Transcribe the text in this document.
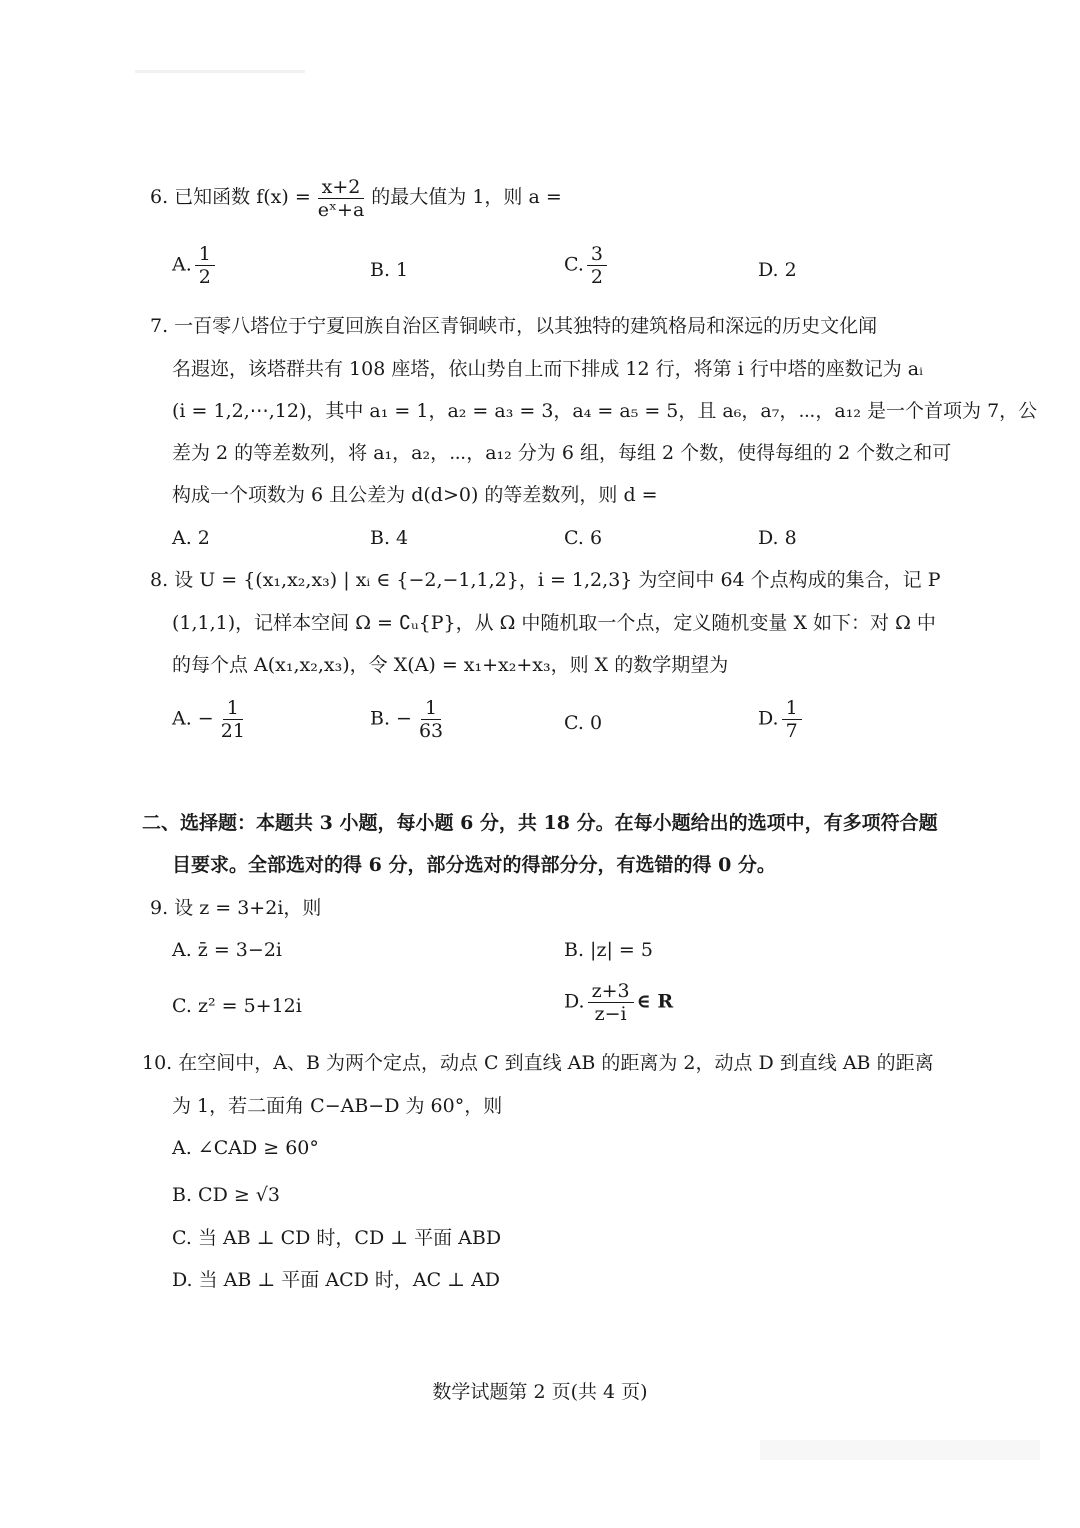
6. 已知函数 $f(x) = \frac{x+2}{\text{eˣ+a}}$ 的最大值为 1，则 a =
A. $\frac{1}{2}$	B. 1	C. $\frac{3}{2}$	D. 2
7. 一百零八塔位于宁夏回族自治区青铜峡市，以其独特的建筑格局和深远的历史文化闻
名遐迩，该塔群共有 108 座塔，依山势自上而下排成 12 行，将第 i 行中塔的座数记为 aᵢ
(i = 1,2,⋯,12)，其中 a₁ = 1，a₂ = a₃ = 3，a₄ = a₅ = 5，且 a₆，a₇，⋯，a₁₂ 是一个首项为 7，公
差为 2 的等差数列，将 a₁，a₂，⋯，a₁₂ 分为 6 组，每组 2 个数，使得每组的 2 个数之和可
构成一个项数为 6 且公差为 d(d>0) 的等差数列，则 d =
A. 2	B. 4	C. 6	D. 8
8. 设 U = {(x₁,x₂,x₃) | xᵢ ∈ {−2,−1,1,2}，i = 1,2,3} 为空间中 64 个点构成的集合，记 P
(1,1,1)，记样本空间 Ω = ∁ᵤ{P}，从 Ω 中随机取一个点，定义随机变量 X 如下：对 Ω 中
的每个点 A(x₁,x₂,x₃)，令 X(A) = x₁+x₂+x₃，则 X 的数学期望为
A. − $\frac{1}{21}$	B. − $\frac{1}{63}$	C. 0	D. $\frac{1}{7}$
二、选择题：本题共 3 小题，每小题 6 分，共 18 分。在每小题给出的选项中，有多项符合题
目要求。全部选对的得 6 分，部分选对的得部分分，有选错的得 0 分。
9. 设 z = 3+2i，则
A. z̄ = 3−2i	B. |z| = 5
C. z² = 5+12i	D. $\frac{z+3}{z-i}$ ∈ R
10. 在空间中，A、B 为两个定点，动点 C 到直线 AB 的距离为 2，动点 D 到直线 AB 的距离
为 1，若二面角 C−AB−D 为 60°，则
A. ∠CAD ≥ 60°
B. CD ≥ √3
C. 当 AB ⊥ CD 时，CD ⊥ 平面 ABD
D. 当 AB ⊥ 平面 ACD 时，AC ⊥ AD
数学试题第 2 页(共 4 页)
